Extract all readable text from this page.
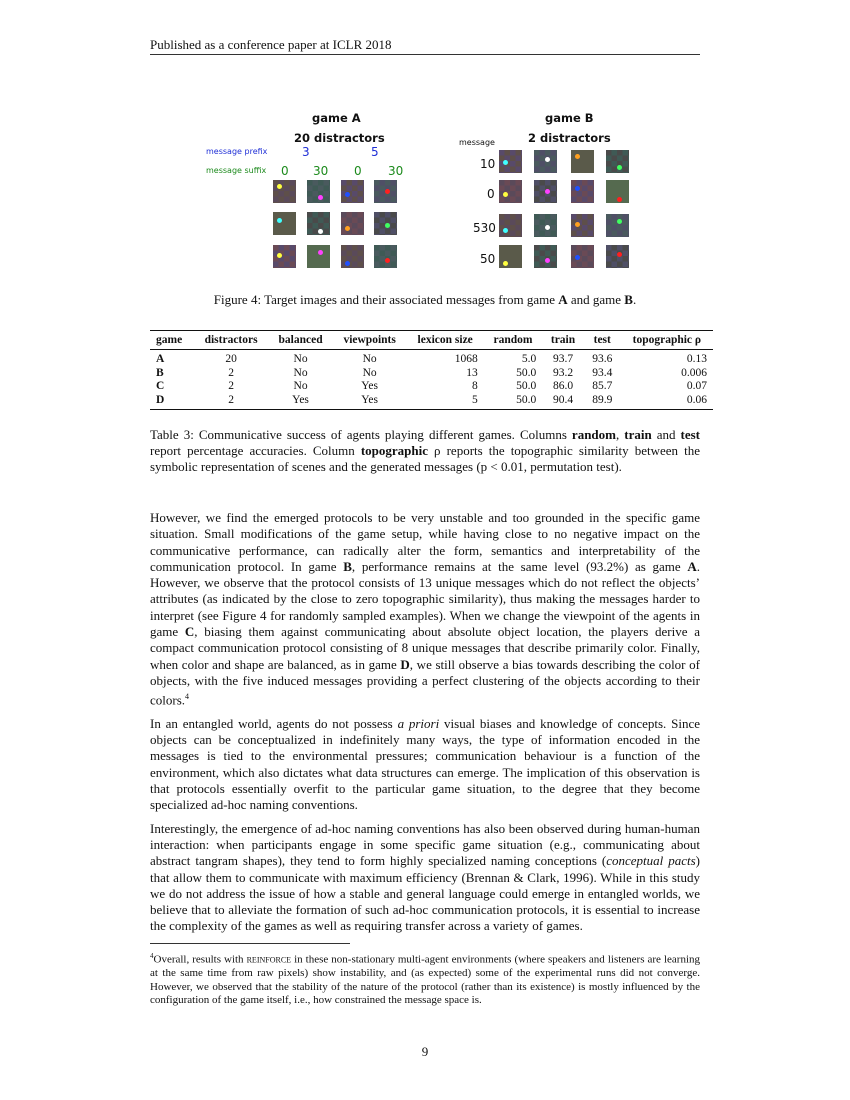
Published as a conference paper at ICLR 2018
game A
20 distractors
message prefix
message suffix
3	5
0 30 0 30
game B
2 distractors
message
10
0
530
50
Figure 4: Target images and their associated messages from game A and game B.
game	distractors	balanced	viewpoints	lexicon size	random	train	test	topographic ρ
A	20	No	No	1068	5.0	93.7	93.6	0.13
B	2	No	No	13	50.0	93.2	93.4	0.006
C	2	No	Yes	8	50.0	86.0	85.7	0.07
D	2	Yes	Yes	5	50.0	90.4	89.9	0.06
Table 3: Communicative success of agents playing different games. Columns random, train and test report percentage accuracies. Column topographic ρ reports the topographic similarity between the symbolic representation of scenes and the generated messages (p < 0.01, permutation test).

However, we find the emerged protocols to be very unstable and too grounded in the specific game situation. Small modifications of the game setup, while having close to no negative impact on the communicative performance, can radically alter the form, semantics and interpretability of the communication protocol. In game B, performance remains at the same level (93.2%) as game A. However, we observe that the protocol consists of 13 unique messages which do not reflect the objects’ attributes (as indicated by the close to zero topographic similarity), thus making the messages harder to interpret (see Figure 4 for randomly sampled examples). When we change the viewpoint of the agents in game C, biasing them against communicating about absolute object location, the players derive a compact communication protocol consisting of 8 unique messages that describe primarily color. Finally, when color and shape are balanced, as in game D, we still observe a bias towards describing the color of objects, with the five induced messages providing a perfect clustering of the objects according to their colors.$^4$

In an entangled world, agents do not possess a priori visual biases and knowledge of concepts. Since objects can be conceptualized in indefinitely many ways, the type of information encoded in the messages is tied to the environmental pressures; communication behaviour is a function of the environment, which also dictates what data structures can emerge. The implication of this observation is that protocols essentially overfit to the particular game situation, to the degree that they become specialized ad-hoc naming conventions.

Interestingly, the emergence of ad-hoc naming conventions has also been observed during human-human interaction: when participants engage in some specific game situation (e.g., communicating about abstract tangram shapes), they tend to form highly specialized naming conceptions (conceptual pacts) that allow them to communicate with maximum efficiency (Brennan & Clark, 1996). While in this study we do not address the issue of how a stable and general language could emerge in entangled worlds, we believe that to alleviate the formation of such ad-hoc communication protocols, it is essential to increase the complexity of the games as well as requiring transfer across a variety of games.

$^4$Overall, results with reinforce in these non-stationary multi-agent environments (where speakers and listeners are learning at the same time from raw pixels) show instability, and (as expected) some of the experimental runs did not converge. However, we observed that the stability of the nature of the protocol (rather than its existence) is mostly influenced by the configuration of the game itself, i.e., how constrained the message space is.
9
